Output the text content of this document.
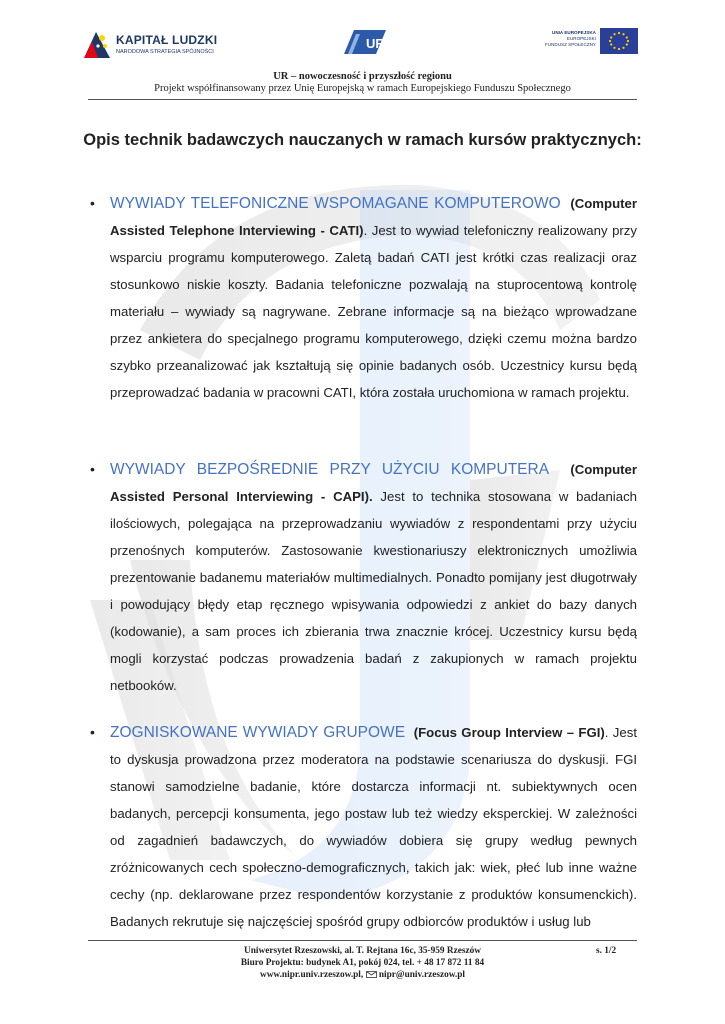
KAPITAŁ LUDZKI
NARODOWA STRATEGIA SPÓJNOŚCI
UR
UNIA EUROPEJSKA
EUROPEJSKI
FUNDUSZ SPOŁECZNY
UR – nowoczesność i przyszłość regionu
Projekt współfinansowany przez Unię Europejską w ramach Europejskiego Funduszu Społecznego
Opis technik badawczych nauczanych w ramach kursów praktycznych:

• WYWIADY TELEFONICZNE WSPOMAGANE KOMPUTEROWO (Computer Assisted Telephone Interviewing - CATI). Jest to wywiad telefoniczny realizowany przy wsparciu programu komputerowego. Zaletą badań CATI jest krótki czas realizacji oraz stosunkowo niskie koszty. Badania telefoniczne pozwalają na stuprocentową kontrolę materiału – wywiady są nagrywane. Zebrane informacje są na bieżąco wprowadzane przez ankietera do specjalnego programu komputerowego, dzięki czemu można bardzo szybko przeanalizować jak kształtują się opinie badanych osób. Uczestnicy kursu będą przeprowadzać badania w pracowni CATI, która została uruchomiona w ramach projektu.

• WYWIADY BEZPOŚREDNIE PRZY UŻYCIU KOMPUTERA (Computer Assisted Personal Interviewing - CAPI). Jest to technika stosowana w badaniach ilościowych, polegająca na przeprowadzaniu wywiadów z respondentami przy użyciu przenośnych komputerów. Zastosowanie kwestionariuszy elektronicznych umożliwia prezentowanie badanemu materiałów multimedialnych. Ponadto pomijany jest długotrwały i powodujący błędy etap ręcznego wpisywania odpowiedzi z ankiet do bazy danych (kodowanie), a sam proces ich zbierania trwa znacznie krócej. Uczestnicy kursu będą mogli korzystać podczas prowadzenia badań z zakupionych w ramach projektu netbooków.

• ZOGNISKOWANE WYWIADY GRUPOWE (Focus Group Interview – FGI). Jest to dyskusja prowadzona przez moderatora na podstawie scenariusza do dyskusji. FGI stanowi samodzielne badanie, które dostarcza informacji nt. subiektywnych ocen badanych, percepcji konsumenta, jego postaw lub też wiedzy eksperckiej. W zależności od zagadnień badawczych, do wywiadów dobiera się grupy według pewnych zróżnicowanych cech społeczno-demograficznych, takich jak: wiek, płeć lub inne ważne cechy (np. deklarowane przez respondentów korzystanie z produktów konsumenckich). Badanych rekrutuje się najczęściej spośród grupy odbiorców produktów i usług lub

Uniwersytet Rzeszowski, al. T. Rejtana 16c, 35-959 Rzeszów	s. 1/2
Biuro Projektu: budynek A1, pokój 024, tel. + 48 17 872 11 84
www.nipr.univ.rzeszow.pl, nipr@univ.rzeszow.pl
